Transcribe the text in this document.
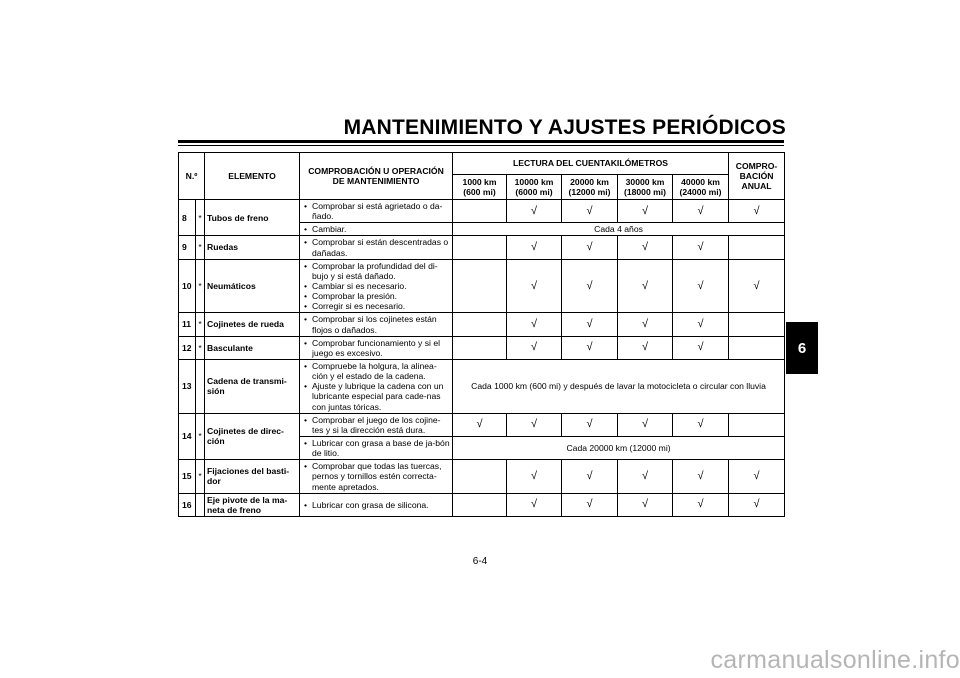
MANTENIMIENTO Y AJUSTES PERIÓDICOS
6
N.º		ELEMENTO	COMPROBACIÓN U OPERACIÓN DE MANTENIMIENTO	LECTURA DEL CUENTAKILÓMETROS					COMPRO-BACIÓN ANUAL
				1000 km (600 mi)	10000 km (6000 mi)	20000 km (12000 mi)	30000 km (18000 mi)	40000 km (24000 mi)	
8	*	Tubos de freno	• Comprobar si está agrietado o da-ñado.		√	√	√	√	√

			• Cambiar.	Cada 4 años					
9	*	Ruedas	• Comprobar si están descentradas o dañadas.		√	√	√	√	
10	*	Neumáticos	• Comprobar la profundidad del di-bujo y si está dañado.
• Cambiar si es necesario.
• Comprobar la presión.
• Corregir si es necesario.		√	√	√	√	√
11	*	Cojinetes de rueda	• Comprobar si los cojinetes están flojos o dañados.		√	√	√	√	
12	*	Basculante	• Comprobar funcionamiento y si el juego es excesivo.		√	√	√	√	
13		Cadena de transmi-sión	• Compruebe la holgura, la alinea-ción y el estado de la cadena.
• Ajuste y lubrique la cadena con un lubricante especial para cade-nas con juntas tóricas.	Cada 1000 km (600 mi) y después de lavar la motocicleta o circular con lluvia					
14	*	Cojinetes de direc-ción	• Comprobar el juego de los cojine-tes y si la dirección está dura.	√	√	√	√	√	

			• Lubricar con grasa a base de ja-bón de litio.	Cada 20000 km (12000 mi)					
15	*	Fijaciones del basti-dor	• Comprobar que todas las tuercas, pernos y tornillos estén correcta-mente apretados.		√	√	√	√	√
16		Eje pivote de la ma-neta de freno	• Lubricar con grasa de silicona.		√	√	√	√	√
6-4
carmanualsonline.info
